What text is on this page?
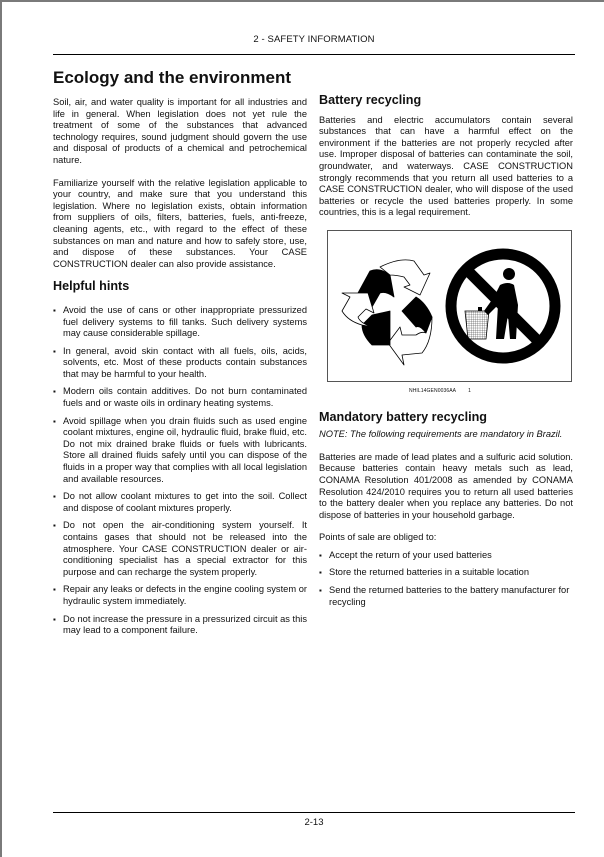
2 - SAFETY INFORMATION
Ecology and the environment

Soil, air, and water quality is important for all industries and life in general. When legislation does not yet rule the treatment of some of the substances that advanced technology requires, sound judgment should govern the use and disposal of products of a chemical and petrochemical nature.

Familiarize yourself with the relative legislation applicable to your country, and make sure that you understand this legislation. Where no legislation exists, obtain information from suppliers of oils, filters, batteries, fuels, anti-freeze, cleaning agents, etc., with regard to the effect of these substances on man and nature and how to safely store, use, and dispose of these substances. Your CASE CONSTRUCTION dealer can also provide assistance.

Helpful hints
▪ Avoid the use of cans or other inappropriate pressurized fuel delivery systems to fill tanks. Such delivery systems may cause considerable spillage.
▪ In general, avoid skin contact with all fuels, oils, acids, solvents, etc. Most of these products contain substances that may be harmful to your health.
▪ Modern oils contain additives. Do not burn contaminated fuels and or waste oils in ordinary heating systems.
▪ Avoid spillage when you drain fluids such as used engine coolant mixtures, engine oil, hydraulic fluid, brake fluid, etc. Do not mix drained brake fluids or fuels with lubricants. Store all drained fluids safely until you can dispose of the fluids in a proper way that complies with all local legislation and available resources.
▪ Do not allow coolant mixtures to get into the soil. Collect and dispose of coolant mixtures properly.
▪ Do not open the air-conditioning system yourself. It contains gases that should not be released into the atmosphere. Your CASE CONSTRUCTION dealer or air-conditioning specialist has a special extractor for this purpose and can recharge the system properly.
▪ Repair any leaks or defects in the engine cooling system or hydraulic system immediately.
▪ Do not increase the pressure in a pressurized circuit as this may lead to a component failure.
Battery recycling

Batteries and electric accumulators contain several substances that can have a harmful effect on the environment if the batteries are not properly recycled after use. Improper disposal of batteries can contaminate the soil, groundwater, and waterways. CASE CONSTRUCTION strongly recommends that you return all used batteries to a CASE CONSTRUCTION dealer, who will dispose of the used batteries or recycle the used batteries properly. In some countries, this is a legal requirement.

NHIL14GEN0036AA 1
Mandatory battery recycling

NOTE: The following requirements are mandatory in Brazil.

Batteries are made of lead plates and a sulfuric acid solution. Because batteries contain heavy metals such as lead, CONAMA Resolution 401/2008 as amended by CONAMA Resolution 424/2010 requires you to return all used batteries to the battery dealer when you replace any batteries. Do not dispose of batteries in your household garbage.

Points of sale are obliged to:

▪ Accept the return of your used batteries
▪ Store the returned batteries in a suitable location
▪ Send the returned batteries to the battery manufacturer for recycling
2-13
